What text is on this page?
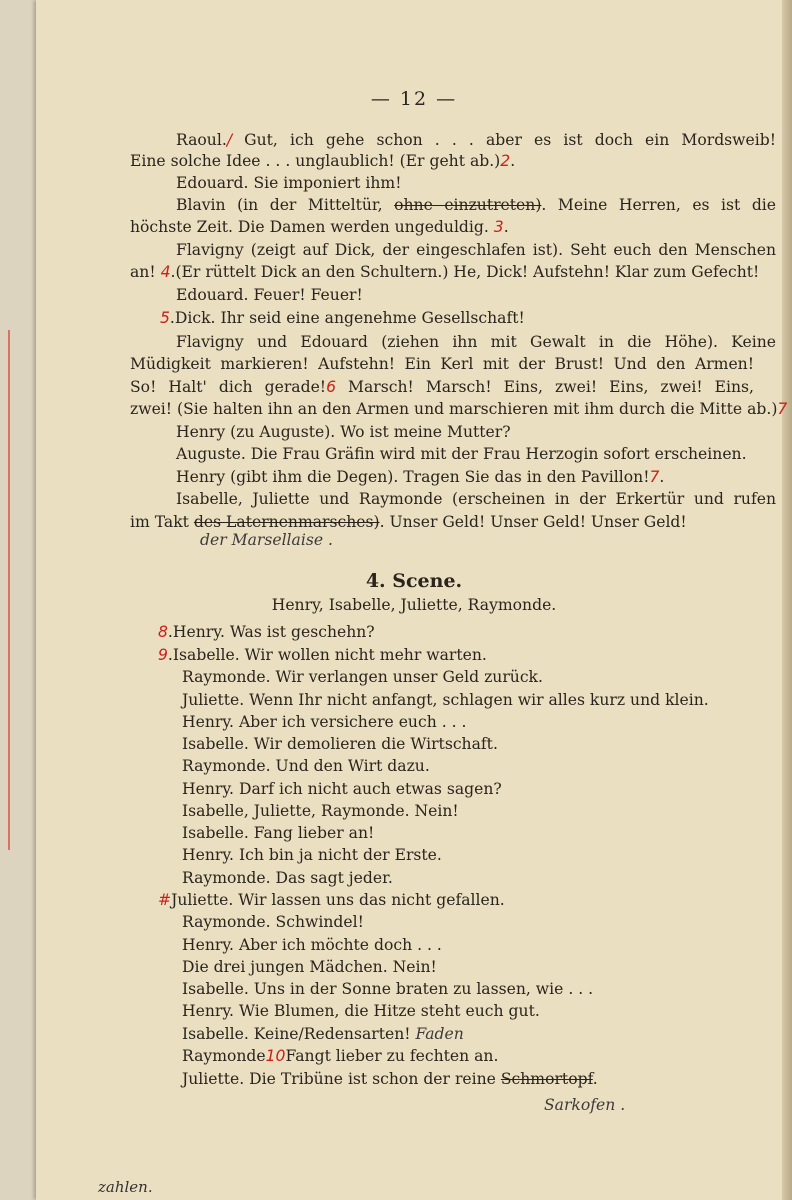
— 12 —
Raoul./ Gut, ich gehe schon . . . aber es ist doch ein Mordsweib!
Eine solche Idee . . . unglaublich! (Er geht ab.)2.
Edouard. Sie imponiert ihm!
Blavin (in der Mitteltür, ohne einzutreten). Meine Herren, es ist die
höchste Zeit. Die Damen werden ungeduldig. 3.
Flavigny (zeigt auf Dick, der eingeschlafen ist). Seht euch den Menschen
an! 4.(Er rüttelt Dick an den Schultern.) He, Dick! Aufstehn! Klar zum Gefecht!
Edouard. Feuer! Feuer!
5.Dick. Ihr seid eine angenehme Gesellschaft!
Flavigny und Edouard (ziehen ihn mit Gewalt in die Höhe). Keine
Müdigkeit markieren! Aufstehn! Ein Kerl mit der Brust! Und den Armen!
So! Halt' dich gerade!6 Marsch! Marsch! Eins, zwei! Eins, zwei! Eins,
zwei! (Sie halten ihn an den Armen und marschieren mit ihm durch die Mitte ab.)7
Henry (zu Auguste). Wo ist meine Mutter?
Auguste. Die Frau Gräfin wird mit der Frau Herzogin sofort erscheinen.
Henry (gibt ihm die Degen). Tragen Sie das in den Pavillon!7.
Isabelle, Juliette und Raymonde (erscheinen in der Erkertür und rufen
im Takt des Laternenmarsches). Unser Geld! Unser Geld! Unser Geld!
der Marsellaise .
4. Scene.
Henry, Isabelle, Juliette, Raymonde.
8.Henry. Was ist geschehn?
9.Isabelle. Wir wollen nicht mehr warten.
Raymonde. Wir verlangen unser Geld zurück.
Juliette. Wenn Ihr nicht anfangt, schlagen wir alles kurz und klein.
Henry. Aber ich versichere euch . . .
Isabelle. Wir demolieren die Wirtschaft.
Raymonde. Und den Wirt dazu.
Henry. Darf ich nicht auch etwas sagen?
Isabelle, Juliette, Raymonde. Nein!
Isabelle. Fang lieber an!
Henry. Ich bin ja nicht der Erste.
Raymonde. Das sagt jeder.
#Juliette. Wir lassen uns das nicht gefallen.
Raymonde. Schwindel!
Henry. Aber ich möchte doch . . .
Die drei jungen Mädchen. Nein!
Isabelle. Uns in der Sonne braten zu lassen, wie . . .
Henry. Wie Blumen, die Hitze steht euch gut.
Isabelle. Keine/Redensarten! Faden
Raymonde10Fangt lieber zu fechten an.
Juliette. Die Tribüne ist schon der reine Schmortopf.
Sarkofen .
zahlen.
